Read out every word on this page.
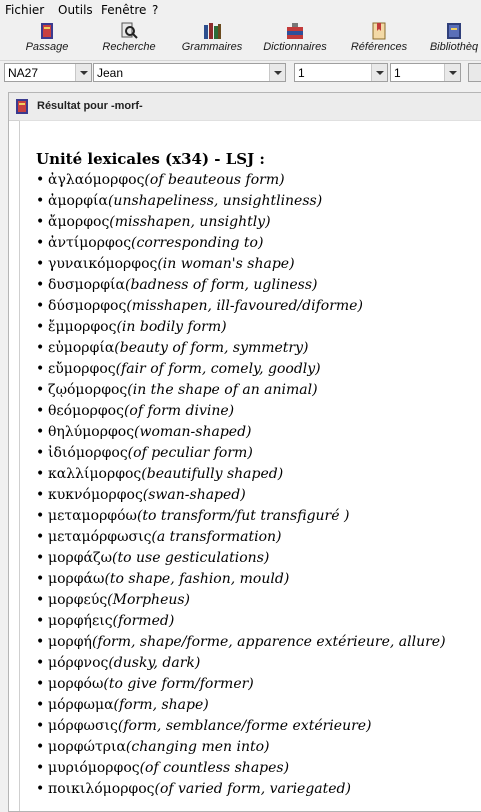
Fichier Outils Fenêtre ?
Passage	Recherche	Grammaires	Dictionnaires	Références	Bibliothèq
NA27	Jean	1	1
Résultat pour -morf-
Unité lexicales (x34) - LSJ :
• ἀγλαόμορφος(of beauteous form)
• ἀμορφία(unshapeliness, unsightliness)
• ἄμορφος(misshapen, unsightly)
• ἀντίμορφος(corresponding to)
• γυναικόμορφος(in woman's shape)
• δυσμορφία(badness of form, ugliness)
• δύσμορφος(misshapen, ill-favoured/diforme)
• ἔμμορφος(in bodily form)
• εὐμορφία(beauty of form, symmetry)
• εὔμορφος(fair of form, comely, goodly)
• ζῳόμορφος(in the shape of an animal)
• θεόμορφος(of form divine)
• θηλύμορφος(woman-shaped)
• ἰδιόμορφος(of peculiar form)
• καλλίμορφος(beautifully shaped)
• κυκνόμορφος(swan-shaped)
• μεταμορφόω(to transform/fut transfiguré )
• μεταμόρφωσις(a transformation)
• μορφάζω(to use gesticulations)
• μορφάω(to shape, fashion, mould)
• μορφεύς(Morpheus)
• μορφήεις(formed)
• μορφή(form, shape/forme, apparence extérieure, allure)
• μόρφνος(dusky, dark)
• μορφόω(to give form/former)
• μόρφωμα(form, shape)
• μόρφωσις(form, semblance/forme extérieure)
• μορφώτρια(changing men into)
• μυριόμορφος(of countless shapes)
• ποικιλόμορφος(of varied form, variegated)
